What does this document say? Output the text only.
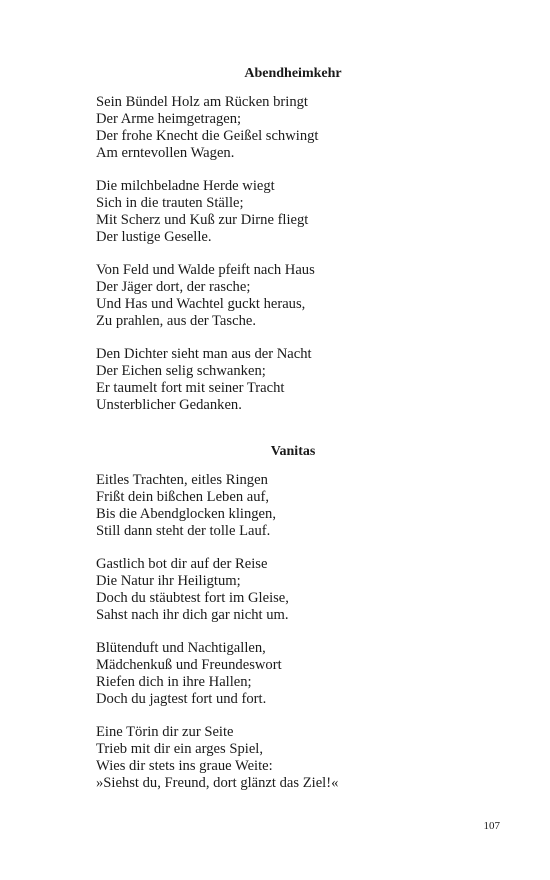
Abendheimkehr

Sein Bündel Holz am Rücken bringt
Der Arme heimgetragen;
Der frohe Knecht die Geißel schwingt
Am erntevollen Wagen.

Die milchbeladne Herde wiegt
Sich in die trauten Ställe;
Mit Scherz und Kuß zur Dirne fliegt
Der lustige Geselle.

Von Feld und Walde pfeift nach Haus
Der Jäger dort, der rasche;
Und Has und Wachtel guckt heraus,
Zu prahlen, aus der Tasche.

Den Dichter sieht man aus der Nacht
Der Eichen selig schwanken;
Er taumelt fort mit seiner Tracht
Unsterblicher Gedanken.

Vanitas

Eitles Trachten, eitles Ringen
Frißt dein bißchen Leben auf,
Bis die Abendglocken klingen,
Still dann steht der tolle Lauf.

Gastlich bot dir auf der Reise
Die Natur ihr Heiligtum;
Doch du stäubtest fort im Gleise,
Sahst nach ihr dich gar nicht um.

Blütenduft und Nachtigallen,
Mädchenkuß und Freundeswort
Riefen dich in ihre Hallen;
Doch du jagtest fort und fort.

Eine Törin dir zur Seite
Trieb mit dir ein arges Spiel,
Wies dir stets ins graue Weite:
»Siehst du, Freund, dort glänzt das Ziel!«

107
